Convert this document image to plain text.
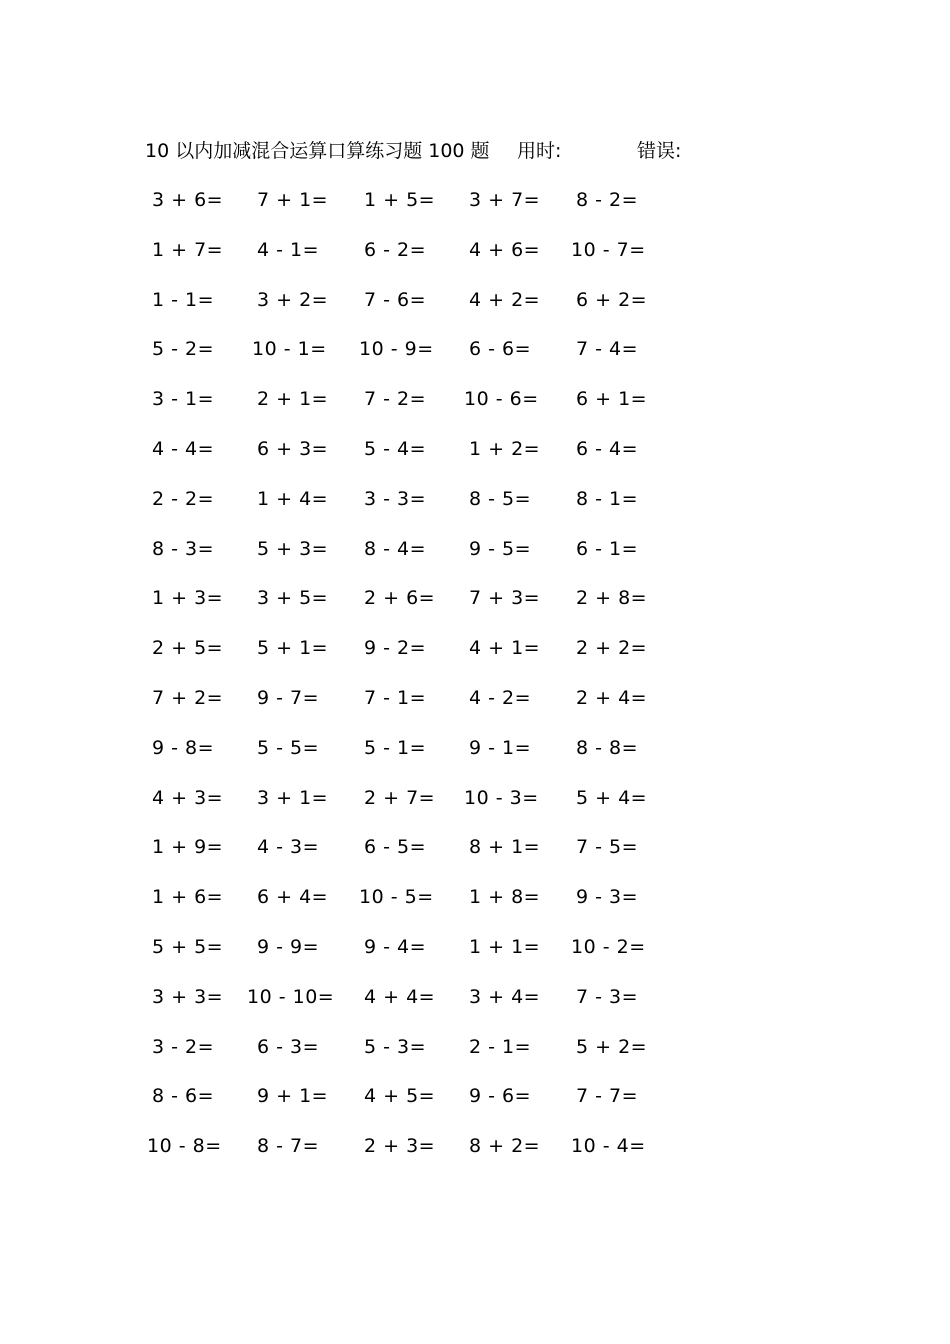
10 以内加减混合运算口算练习题 100 题 用时:	错误:
3 + 6= 7 + 1= 1 + 5= 3 + 7= 8 - 2=
1 + 7= 4 - 1= 6 - 2= 4 + 6= 10 - 7=
1 - 1= 3 + 2= 7 - 6= 4 + 2= 6 + 2=
5 - 2= 10 - 1= 10 - 9= 6 - 6= 7 - 4=
3 - 1= 2 + 1= 7 - 2= 10 - 6= 6 + 1=
4 - 4= 6 + 3= 5 - 4= 1 + 2= 6 - 4=
2 - 2= 1 + 4= 3 - 3= 8 - 5= 8 - 1=
8 - 3= 5 + 3= 8 - 4= 9 - 5= 6 - 1=
1 + 3= 3 + 5= 2 + 6= 7 + 3= 2 + 8=
2 + 5= 5 + 1= 9 - 2= 4 + 1= 2 + 2=
7 + 2= 9 - 7= 7 - 1= 4 - 2= 2 + 4=
9 - 8= 5 - 5= 5 - 1= 9 - 1= 8 - 8=
4 + 3= 3 + 1= 2 + 7= 10 - 3= 5 + 4=
1 + 9= 4 - 3= 6 - 5= 8 + 1= 7 - 5=
1 + 6= 6 + 4= 10 - 5= 1 + 8= 9 - 3=
5 + 5= 9 - 9= 9 - 4= 1 + 1= 10 - 2=
3 + 3= 10 - 10= 4 + 4= 3 + 4= 7 - 3=
3 - 2= 6 - 3= 5 - 3= 2 - 1= 5 + 2=
8 - 6= 9 + 1= 4 + 5= 9 - 6= 7 - 7=
10 - 8= 8 - 7= 2 + 3= 8 + 2= 10 - 4=
